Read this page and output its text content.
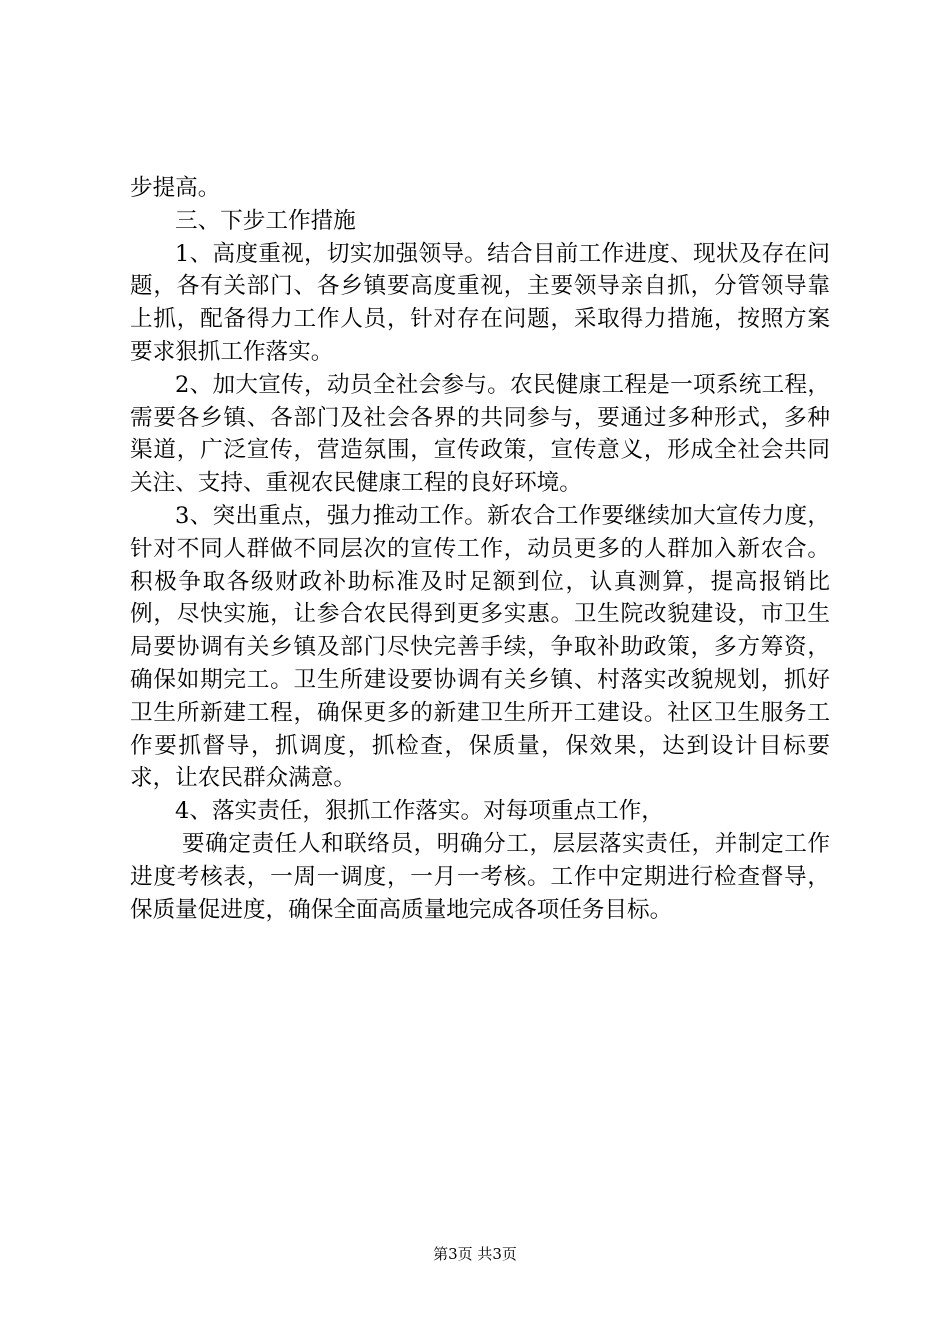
步提高。

三、下步工作措施

1、高度重视，切实加强领导。结合目前工作进度、现状及存在问题，各有关部门、各乡镇要高度重视，主要领导亲自抓，分管领导靠上抓，配备得力工作人员，针对存在问题，采取得力措施，按照方案要求狠抓工作落实。

2、加大宣传，动员全社会参与。农民健康工程是一项系统工程，需要各乡镇、各部门及社会各界的共同参与，要通过多种形式，多种渠道，广泛宣传，营造氛围，宣传政策，宣传意义，形成全社会共同关注、支持、重视农民健康工程的良好环境。

3、突出重点，强力推动工作。新农合工作要继续加大宣传力度，针对不同人群做不同层次的宣传工作，动员更多的人群加入新农合。积极争取各级财政补助标准及时足额到位，认真测算，提高报销比例，尽快实施，让参合农民得到更多实惠。卫生院改貌建设，市卫生局要协调有关乡镇及部门尽快完善手续，争取补助政策，多方筹资，确保如期完工。卫生所建设要协调有关乡镇、村落实改貌规划，抓好卫生所新建工程，确保更多的新建卫生所开工建设。社区卫生服务工作要抓督导，抓调度，抓检查，保质量，保效果，达到设计目标要求，让农民群众满意。

4、落实责任，狠抓工作落实。对每项重点工作，

要确定责任人和联络员，明确分工，层层落实责任，并制定工作进度考核表，一周一调度，一月一考核。工作中定期进行检查督导，保质量促进度，确保全面高质量地完成各项任务目标。

第3页 共3页
